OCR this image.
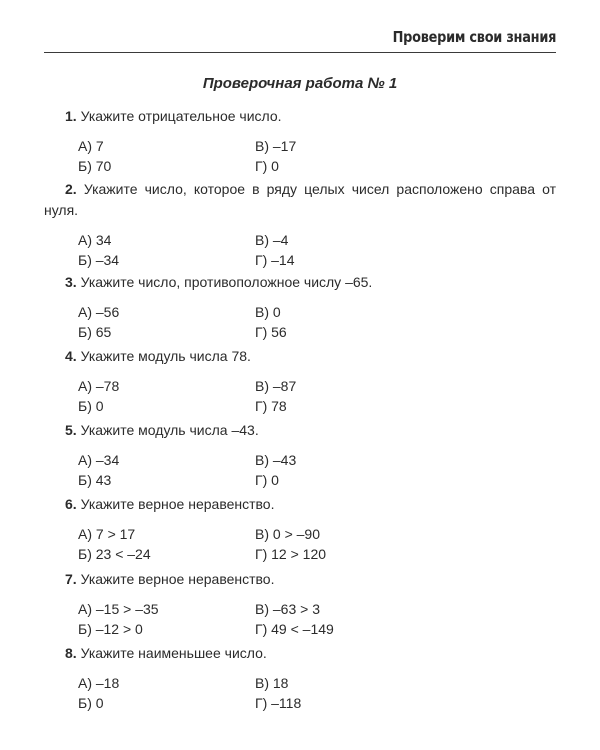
Проверим свои знания
Проверочная работа № 1
1. Укажите отрицательное число.
А) 7	В) –17
Б) 70	Г) 0
2. Укажите число, которое в ряду целых чисел расположено справа от нуля.
А) 34	В) –4
Б) –34	Г) –14
3. Укажите число, противоположное числу –65.
А) –56	В) 0
Б) 65	Г) 56
4. Укажите модуль числа 78.
А) –78	В) –87
Б) 0	Г) 78
5. Укажите модуль числа –43.
А) –34	В) –43
Б) 43	Г) 0
6. Укажите верное неравенство.
А) 7 > 17	В) 0 > –90
Б) 23 < –24	Г) 12 > 120
7. Укажите верное неравенство.
А) –15 > –35	В) –63 > 3
Б) –12 > 0	Г) 49 < –149
8. Укажите наименьшее число.
А) –18	В) 18
Б) 0	Г) –118
